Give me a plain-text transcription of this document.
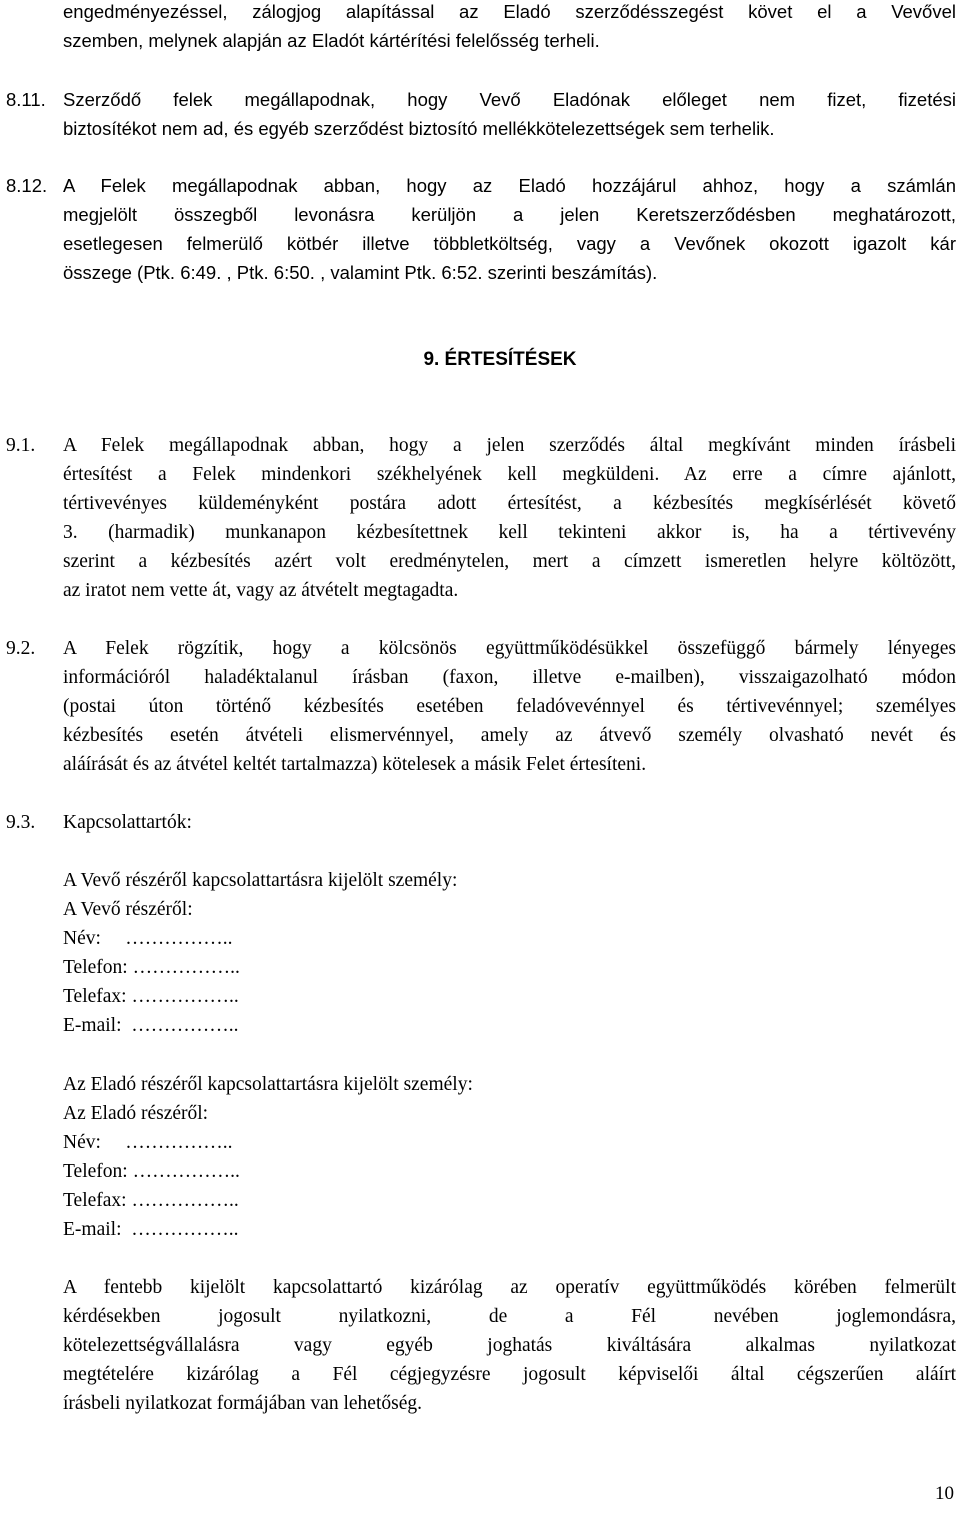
engedményezéssel, zálogjog alapítással az Eladó szerződésszegést követ el a Vevővel
szemben, melynek alapján az Eladót kártérítési felelősség terheli.
8.11. Szerződő felek megállapodnak, hogy Vevő Eladónak előleget nem fizet, fizetési
biztosítékot nem ad, és egyéb szerződést biztosító mellékkötelezettségek sem terhelik.
8.12. A Felek megállapodnak abban, hogy az Eladó hozzájárul ahhoz, hogy a számlán
megjelölt összegből levonásra kerüljön a jelen Keretszerződésben meghatározott,
esetlegesen felmerülő kötbér illetve többletköltség, vagy a Vevőnek okozott igazolt kár
összege (Ptk. 6:49. , Ptk. 6:50. , valamint Ptk. 6:52. szerinti beszámítás).
9. ÉRTESÍTÉSEK
9.1.	A Felek megállapodnak abban, hogy a jelen szerződés által megkívánt minden írásbeli
értesítést a Felek mindenkori székhelyének kell megküldeni. Az erre a címre ajánlott,
tértivevényes küldeményként postára adott értesítést, a kézbesítés megkísérlését követő
3. (harmadik) munkanapon kézbesítettnek kell tekinteni akkor is, ha a tértivevény
szerint a kézbesítés azért volt eredménytelen, mert a címzett ismeretlen helyre költözött,
az iratot nem vette át, vagy az átvételt megtagadta.
9.2.	A Felek rögzítik, hogy a kölcsönös együttműködésükkel összefüggő bármely lényeges
információról haladéktalanul írásban (faxon, illetve e-mailben), visszaigazolható módon
(postai úton történő kézbesítés esetében feladóvevénnyel és tértivevénnyel; személyes
kézbesítés esetén átvételi elismervénnyel, amely az átvevő személy olvasható nevét és
aláírását és az átvétel keltét tartalmazza) kötelesek a másik Felet értesíteni.
9.3.	Kapcsolattartók:
A Vevő részéről kapcsolattartásra kijelölt személy:
A Vevő részéről:
Név:     ……………..
Telefon: ……………..
Telefax: ……………..
E-mail:  ……………..
Az Eladó részéről kapcsolattartásra kijelölt személy:
Az Eladó részéről:
Név:     ……………..
Telefon: ……………..
Telefax: ……………..
E-mail:  ……………..
A fentebb kijelölt kapcsolattartó kizárólag az operatív együttműködés körében felmerült
kérdésekben jogosult nyilatkozni, de a Fél nevében joglemondásra,
kötelezettségvállalásra vagy egyéb joghatás kiváltására alkalmas nyilatkozat
megtételére kizárólag a Fél cégjegyzésre jogosult képviselői által cégszerűen aláírt
írásbeli nyilatkozat formájában van lehetőség.
10
